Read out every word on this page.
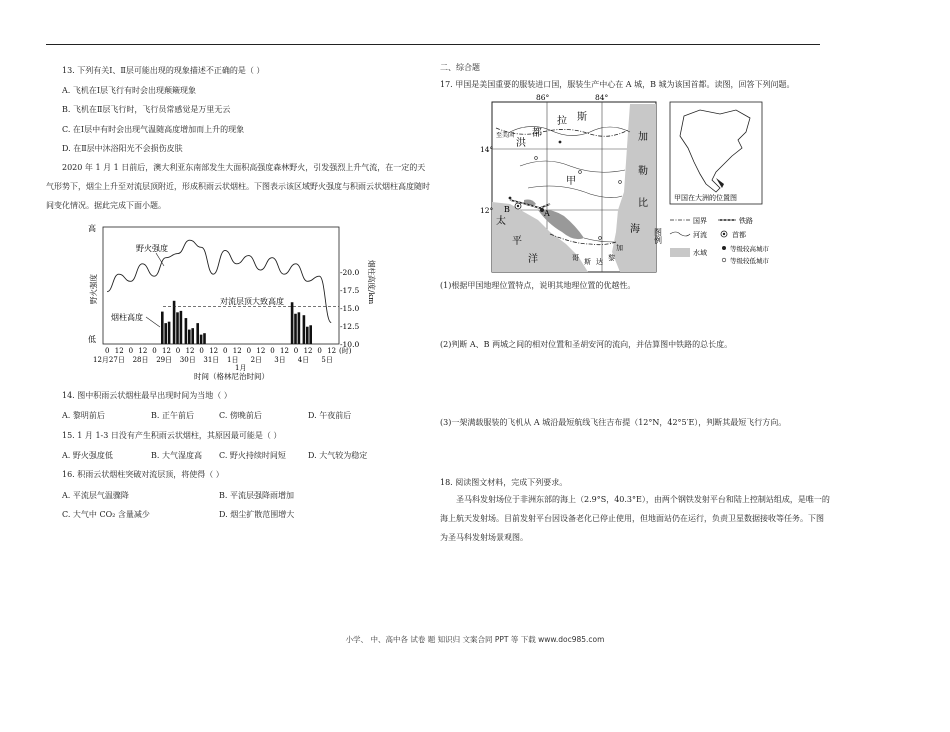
13. 下列有关Ⅰ、Ⅱ层可能出现的现象描述不正确的是（ ）
A. 飞机在Ⅰ层飞行有时会出现颠簸现象
B. 飞机在Ⅱ层飞行时，飞行员常感觉是万里无云
C. 在Ⅰ层中有时会出现气温随高度增加而上升的现象
D. 在Ⅱ层中沐浴阳光不会损伤皮肤
2020 年 1 月 1 日前后，澳大利亚东南部发生大面积高强度森林野火，引发强烈上升气流，在一定的天气形势下，烟尘上升至对流层顶附近，形成积雨云状烟柱。下图表示该区域野火强度与积雨云状烟柱高度随时间变化情况。据此完成下面小题。
高
低
野火强度
-20.0
-17.5
-15.0
-12.5
-10.0
烟柱高度/km
0 12 0 12 0 12 0 12 0 12 0 12 0 12 0 12 0 12 0 12
12月27日 28日 29日 30日 31日 1日 2日 3日 4日 5日
(时)
1月
时间（格林尼治时间）
野火强度
烟柱高度
对流层顶大致高度
14. 图中积雨云状烟柱最早出现时间为当地（ ）
A. 黎明前后	B. 正午前后	C. 傍晚前后	D. 午夜前后
15. 1 月 1-3 日没有产生积雨云状烟柱，其原因最可能是（ ）
A. 野火强度低	B. 大气湿度高 C. 野火持续时间短	D. 大气较为稳定
16. 积雨云状烟柱突破对流层顶，将使得（ ）
A. 平流层气温骤降	B. 平流层强降雨增加
C. 大气中 CO₂ 含量减少	D. 烟尘扩散范围增大
二、综合题
17. 甲国是美国重要的服装进口国，服装生产中心在 A 城，B 城为该国首都。读图，回答下列问题。
86°	84°
14°
12°
至美国
洪
都
拉 斯
加
勒
比
海
甲
太
平
洋	哥 斯 达 黎
加
A
B
甲国在大洲的位置图
图例
国界	铁路
河流	首都
水域	等级较高城市
等级较低城市
(1)根据甲国地理位置特点，说明其地理位置的优越性。
(2)判断 A、B 两城之间的相对位置和圣胡安河的流向，并估算图中铁路的总长度。
(3)一架满载服装的飞机从 A 城沿最短航线飞往吉布提（12°N，42°5′E），判断其最短飞行方向。
18. 阅读图文材料，完成下列要求。
圣马科发射场位于非洲东部的海上（2.9°S，40.3°E），由两个钢铁发射平台和陆上控制站组成，是唯一的海上航天发射场。目前发射平台因设备老化已停止使用，但地面站仍在运行，负责卫星数据接收等任务。下图为圣马科发射场景观图。
小学、 中、高中各 试卷 题 知识归 文案合同 PPT 等 下载 www.doc985.com
